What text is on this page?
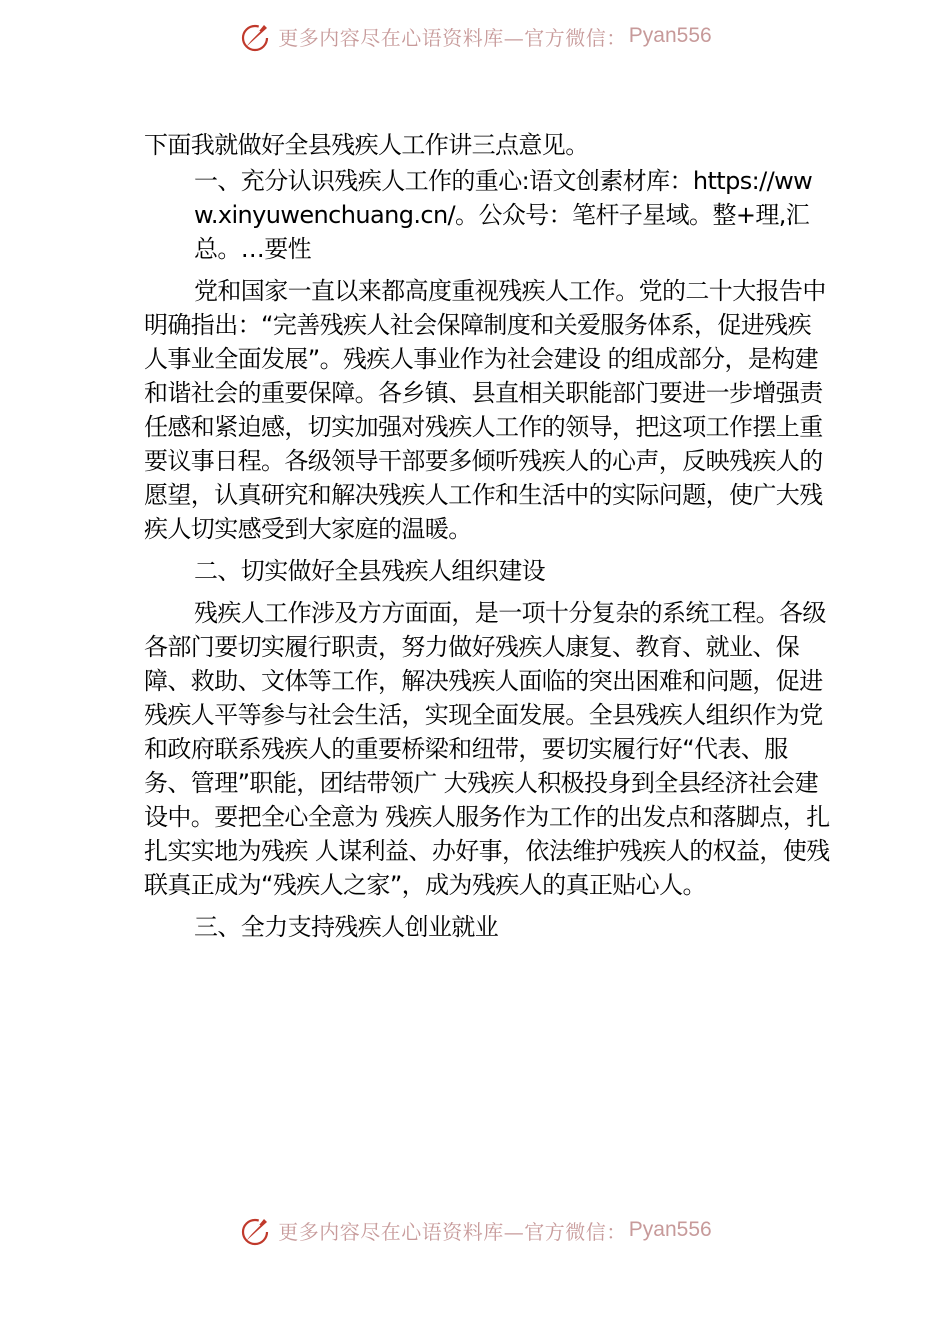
更多内容尽在心语资料库—官方微信： Pyan556

下面我就做好全县残疾人工作讲三点意见。

一、充分认识残疾人工作的重心:语文创素材库：https://www.xinyuwenchuang.cn/。公众号：笔杆子星域。整+理,汇总。…要性

党和国家一直以来都高度重视残疾人工作。党的二十大报告中明确指出：“完善残疾人社会保障制度和关爱服务体系，促进残疾人事业全面发展”。残疾人事业作为社会建设 的组成部分，是构建和谐社会的重要保障。各乡镇、县直相关职能部门要进一步增强责任感和紧迫感，切实加强对残疾人工作的领导，把这项工作摆上重要议事日程。各级领导干部要多倾听残疾人的心声，反映残疾人的愿望，认真研究和解决残疾人工作和生活中的实际问题，使广大残疾人切实感受到大家庭的温暖。

二、切实做好全县残疾人组织建设

残疾人工作涉及方方面面，是一项十分复杂的系统工程。各级各部门要切实履行职责，努力做好残疾人康复、教育、就业、保障、救助、文体等工作，解决残疾人面临的突出困难和问题，促进残疾人平等参与社会生活，实现全面发展。全县残疾人组织作为党和政府联系残疾人的重要桥梁和纽带，要切实履行好“代表、服务、管理”职能，团结带领广 大残疾人积极投身到全县经济社会建设中。要把全心全意为 残疾人服务作为工作的出发点和落脚点，扎扎实实地为残疾 人谋利益、办好事，依法维护残疾人的权益，使残联真正成为“残疾人之家”，成为残疾人的真正贴心人。

三、全力支持残疾人创业就业

更多内容尽在心语资料库—官方微信： Pyan556
